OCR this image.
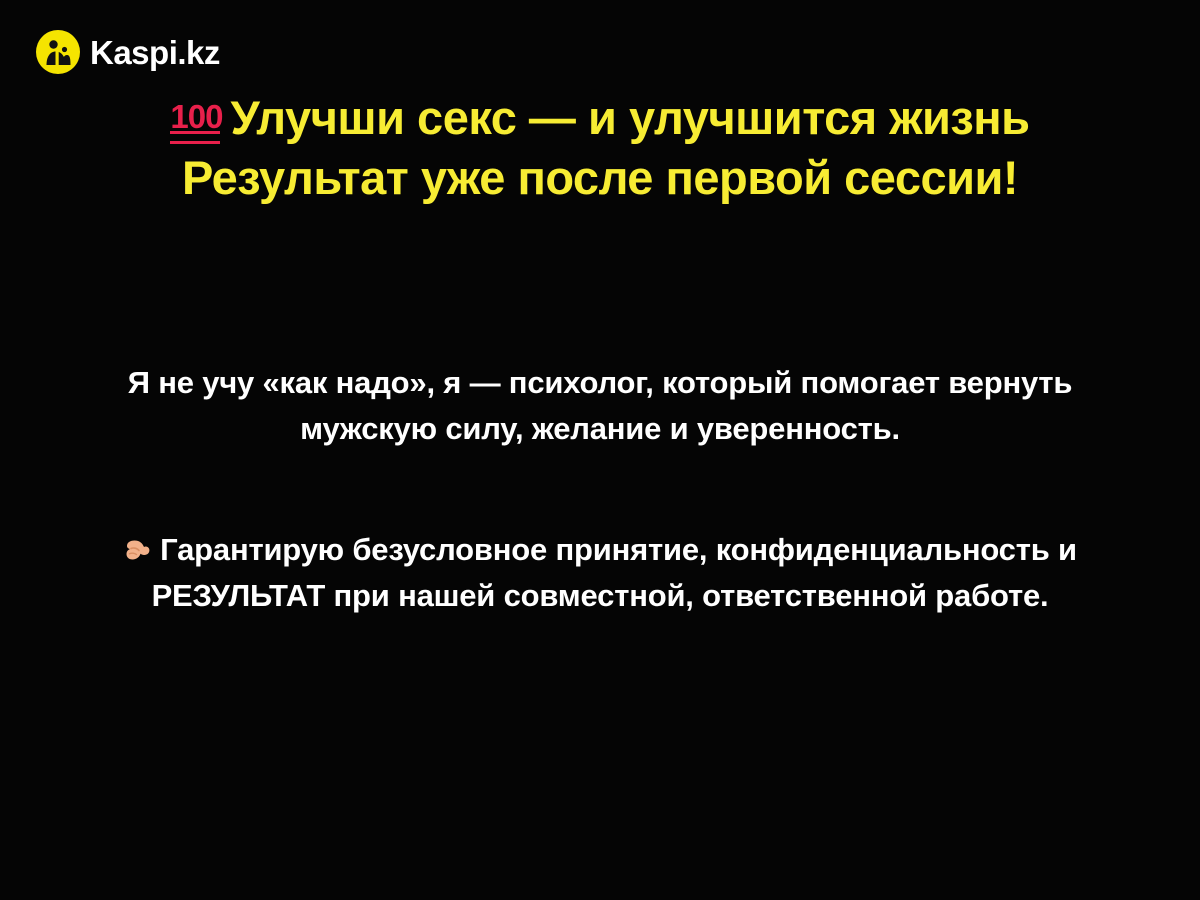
Kaspi.kz
100 Улучши секс — и улучшится жизнь
Результат уже после первой сессии!

Я не учу «как надо», я — психолог, который помогает вернуть мужскую силу, желание и уверенность.

Гарантирую безусловное принятие, конфиденциальность и РЕЗУЛЬТАТ при нашей совместной, ответственной работе.
